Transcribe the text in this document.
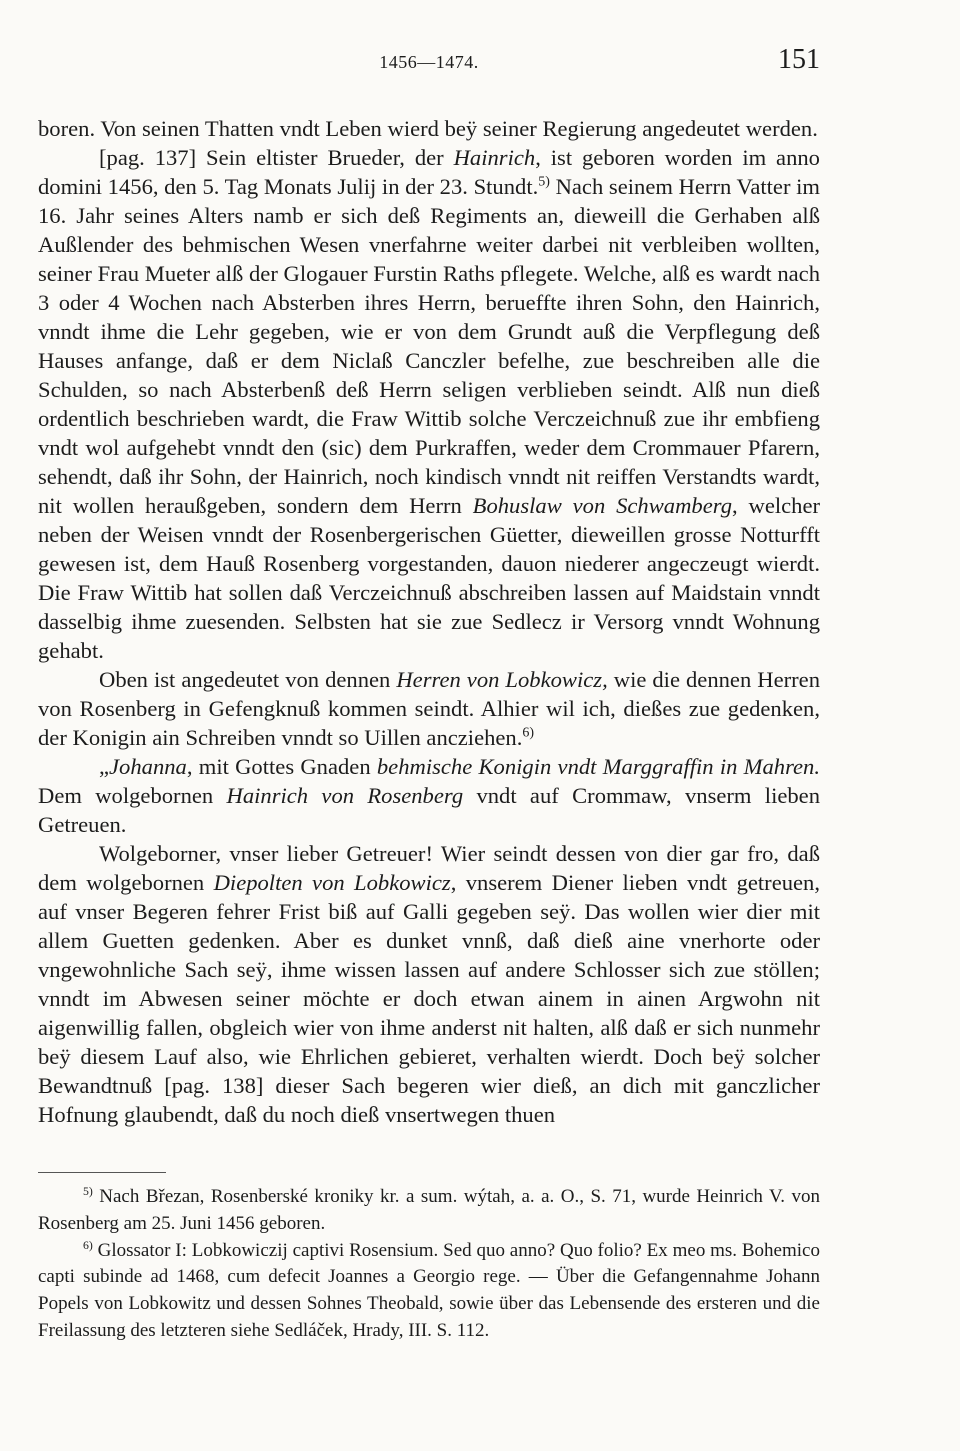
1456—1474.	151

boren. Von seinen Thatten vndt Leben wierd beÿ seiner Regierung angedeutet werden.

[pag. 137] Sein eltister Brueder, der Hainrich, ist geboren worden im anno domini 1456, den 5. Tag Monats Julij in der 23. Stundt.$^{5)}$ Nach seinem Herrn Vatter im 16. Jahr seines Alters namb er sich deß Regiments an, dieweill die Gerhaben alß Außlender des behmischen Wesen vnerfahrne weiter darbei nit verbleiben wollten, seiner Frau Mueter alß der Glogauer Furstin Raths pflegete. Welche, alß es wardt nach 3 oder 4 Wochen nach Absterben ihres Herrn, berueffte ihren Sohn, den Hainrich, vnndt ihme die Lehr gegeben, wie er von dem Grundt auß die Verpflegung deß Hauses anfange, daß er dem Niclaß Canczler befelhe, zue beschreiben alle die Schulden, so nach Absterbenß deß Herrn seligen verblieben seindt. Alß nun dieß ordentlich beschrieben wardt, die Fraw Wittib solche Verczeichnuß zue ihr embfieng vndt wol aufgehebt vnndt den (sic) dem Purkraffen, weder dem Crommauer Pfarern, sehendt, daß ihr Sohn, der Hainrich, noch kindisch vnndt nit reiffen Verstandts wardt, nit wollen heraußgeben, sondern dem Herrn Bohuslaw von Schwamberg, welcher neben der Weisen vnndt der Rosenbergerischen Güetter, dieweillen grosse Notturfft gewesen ist, dem Hauß Rosenberg vorgestanden, dauon niederer angeczeugt wierdt. Die Fraw Wittib hat sollen daß Verczeichnuß abschreiben lassen auf Maidstain vnndt dasselbig ihme zuesenden. Selbsten hat sie zue Sedlecz ir Versorg vnndt Wohnung gehabt.

Oben ist angedeutet von dennen Herren von Lobkowicz, wie die dennen Herren von Rosenberg in Gefengknuß kommen seindt. Alhier wil ich, dießes zue gedenken, der Konigin ain Schreiben vnndt so Uillen anczіehen.$^{6)}$

„Johanna, mit Gottes Gnaden behmische Konigin vndt Marggraffin in Mahren. Dem wolgebornen Hainrich von Rosenberg vndt auf Crommaw, vnserm lieben Getreuen.

Wolgeborner, vnser lieber Getreuer! Wier seindt dessen von dier gar fro, daß dem wolgebornen Diepolten von Lobkowicz, vnserem Diener lieben vndt getreuen, auf vnser Begeren fehrer Frist biß auf Galli gegeben seÿ. Das wollen wier dier mit allem Guetten gedenken. Aber es dunket vnnß, daß dieß aine vnerhorte oder vngewohnliche Sach seÿ, ihme wissen lassen auf andere Schlosser sich zue stöllen; vnndt im Abwesen seiner möchte er doch etwan ainem in ainen Argwohn nit aigenwillig fallen, obgleich wier von ihme anderst nit halten, alß daß er sich nunmehr beÿ diesem Lauf also, wie Ehrlichen gebieret, verhalten wierdt. Doch beÿ solcher Bewandtnuß [pag. 138] dieser Sach begeren wier dieß, an dich mit ganczlicher Hofnung glaubendt, daß du noch dieß vnsertwegen thuen

$^{5)}$ Nach Březan, Rosenberské kroniky kr. a sum. wýtah, a. a. O., S. 71, wurde Heinrich V. von Rosenberg am 25. Juni 1456 geboren.

$^{6)}$ Glossator I: Lobkowiczij captivi Rosensium. Sed quo anno? Quo folio? Ex meo ms. Bohemico capti subinde ad 1468, cum defecit Joannes a Georgio rege. — Über die Gefangennahme Johann Popels von Lobkowitz und dessen Sohnes Theobald, sowie über das Lebensende des ersteren und die Freilassung des letzteren siehe Sedláček, Hrady, III. S. 112.
